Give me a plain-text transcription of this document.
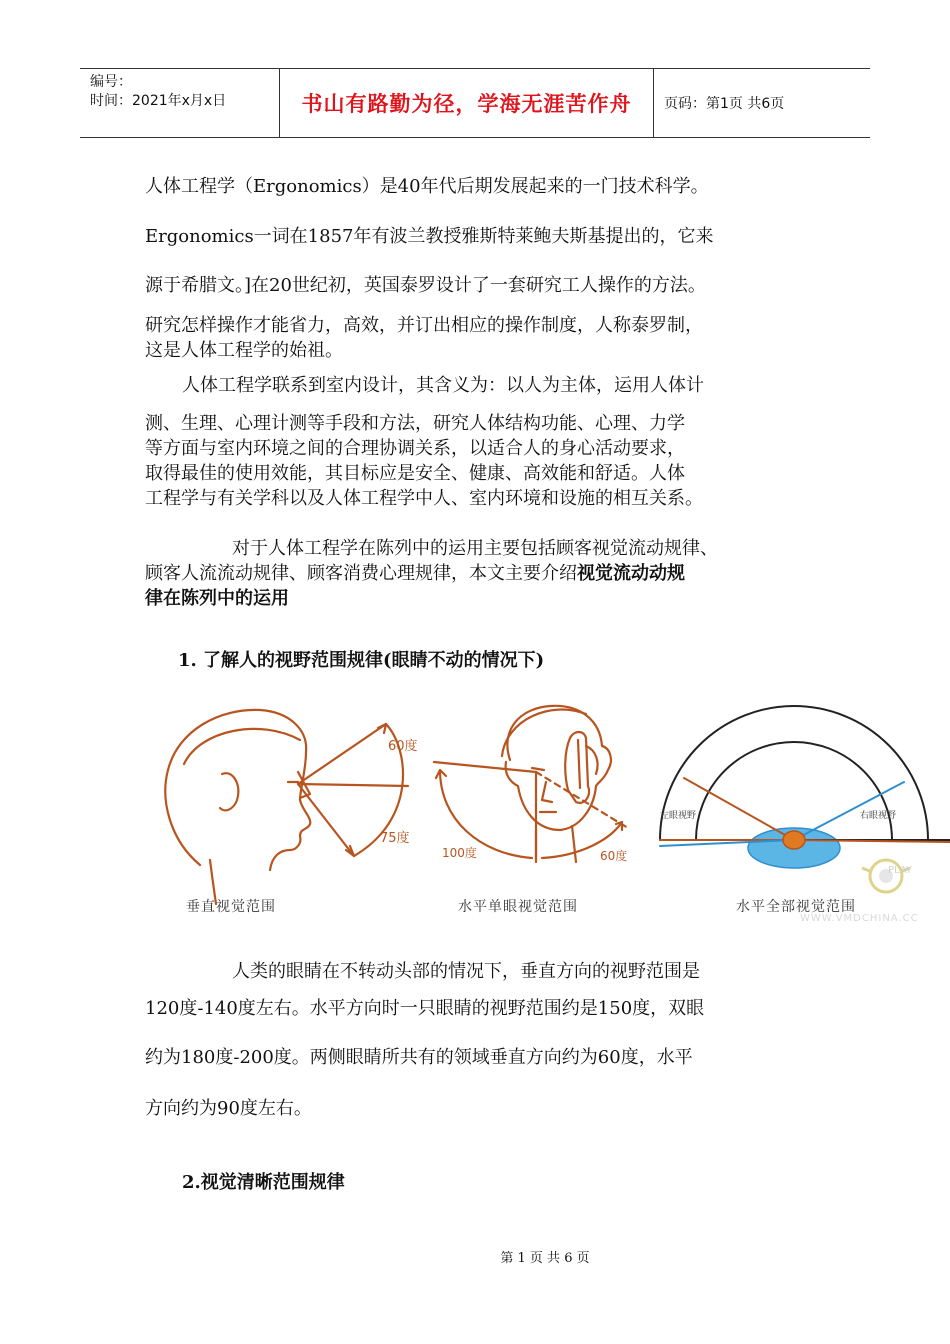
编号：
时间：2021年x月x日	书山有路勤为径，学海无涯苦作舟 页码：第1页 共6页
人体工程学（Ergonomics）是40年代后期发展起来的一门技术科学。
Ergonomics一词在1857年有波兰教授雅斯特莱鲍夫斯基提出的，它来
源于希腊文。]在20世纪初，英国泰罗设计了一套研究工人操作的方法。
研究怎样操作才能省力，高效，并订出相应的操作制度，人称泰罗制，
这是人体工程学的始祖。
人体工程学联系到室内设计，其含义为：以人为主体，运用人体计
测、生理、心理计测等手段和方法，研究人体结构功能、心理、力学
等方面与室内环境之间的合理协调关系，以适合人的身心活动要求，
取得最佳的使用效能，其目标应是安全、健康、高效能和舒适。人体
工程学与有关学科以及人体工程学中人、室内环境和设施的相互关系。
对于人体工程学在陈列中的运用主要包括顾客视觉流动规律、
顾客人流流动规律、顾客消费心理规律，本文主要介绍视觉流动动规
律在陈列中的运用
1. 了解人的视野范围规律(眼睛不动的情况下)
60度
75度
100度	60度
左眼视野	右眼视野
PLAY
WWW.VMDCHINA.CC
垂直视觉范围	水平单眼视觉范围	水平全部视觉范围
人类的眼睛在不转动头部的情况下，垂直方向的视野范围是
120度-140度左右。水平方向时一只眼睛的视野范围约是150度，双眼
约为180度-200度。两侧眼睛所共有的领域垂直方向约为60度，水平
方向约为90度左右。
2.视觉清晰范围规律
第 1 页 共 6 页
